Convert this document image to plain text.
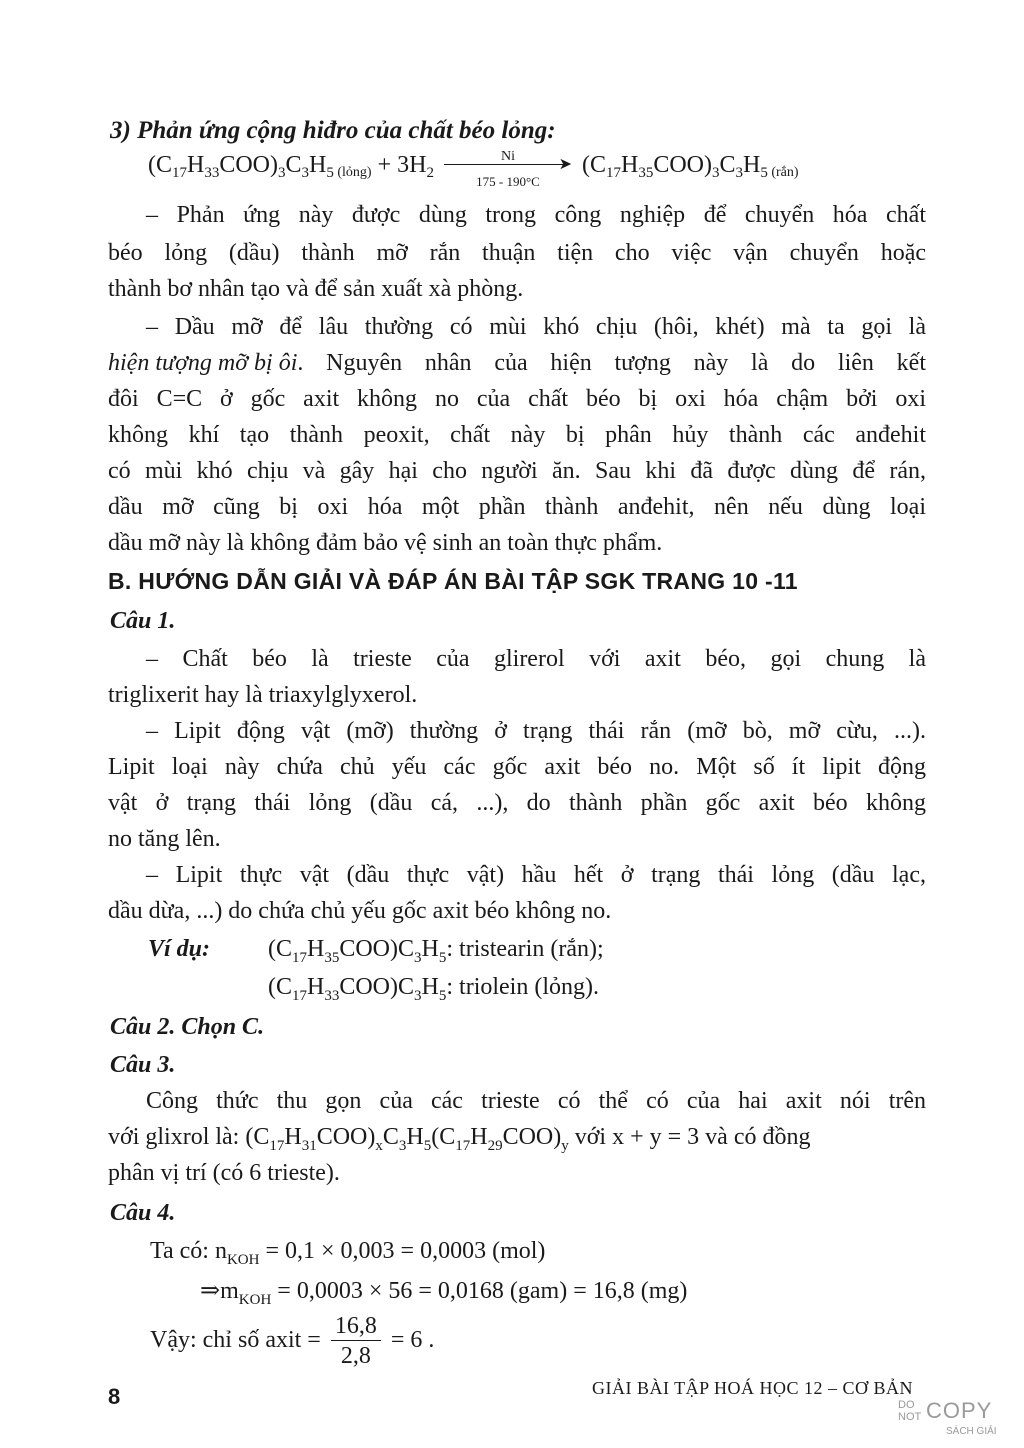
3) Phản ứng cộng hiđro của chất béo lỏng:
$(C_{17}H_{33}COO)_3C_3H_5$ (lỏng) + $3H_2$
Ni	➤
175 - 190°C
$(C_{17}H_{35}COO)_3C_3H_5$ (rắn)
– Phản ứng này được dùng trong công nghiệp để chuyển hóa chất
béo lỏng (dầu) thành mỡ rắn thuận tiện cho việc vận chuyển hoặc
thành bơ nhân tạo và để sản xuất xà phòng.
– Dầu mỡ để lâu thường có mùi khó chịu (hôi, khét) mà ta gọi là
hiện tượng mỡ bị ôi . Nguyên nhân của hiện tượng này là do liên kết
đôi C=C ở gốc axit không no của chất béo bị oxi hóa chậm bởi oxi
không khí tạo thành peoxit, chất này bị phân hủy thành các anđehit
có mùi khó chịu và gây hại cho người ăn. Sau khi đã được dùng để rán,
dầu mỡ cũng bị oxi hóa một phần thành anđehit, nên nếu dùng loại
dầu mỡ này là không đảm bảo vệ sinh an toàn thực phẩm.
B. HƯỚNG DẪN GIẢI VÀ ĐÁP ÁN BÀI TẬP SGK TRANG 10 -11
Câu 1.
– Chất béo là trieste của glirerol với axit béo, gọi chung là
triglixerit hay là triaxylglyxerol.
– Lipit động vật (mỡ) thường ở trạng thái rắn (mỡ bò, mỡ cừu, ...).
Lipit loại này chứa chủ yếu các gốc axit béo no. Một số ít lipit động
vật ở trạng thái lỏng (dầu cá, ...), do thành phần gốc axit béo không
no tăng lên.
– Lipit thực vật (dầu thực vật) hầu hết ở trạng thái lỏng (dầu lạc,
dầu dừa, ...) do chứa chủ yếu gốc axit béo không no.
Ví dụ: $(C_{17}H_{35}COO)C_3H_5$: tristearin (rắn);
$(C_{17}H_{33}COO)C_3H_5$: triolein (lỏng).
Câu 2. Chọn C.
Câu 3.
Công thức thu gọn của các trieste có thể có của hai axit nói trên
với glixrol là: $(C_{17}H_{31}COO)_xC_3H_5(C_{17}H_{29}COO)_y$ với x + y = 3 và có đồng
phân vị trí (có 6 trieste).
Câu 4.
Ta có: $n_{KOH} = 0,1 \times 0,003 = 0,0003$ (mol)
$\Rightarrow m_{KOH} = 0,0003 \times 56 = 0,0168$ (gam) = 16,8 (mg)
Vậy: chỉ số axit = $\frac{16,8}{2,8} = 6$ .
8	GIẢI BÀI TẬP HOÁ HỌC 12 – CƠ BẢN
DO
NOT COPY
SÁCH GIẢI
